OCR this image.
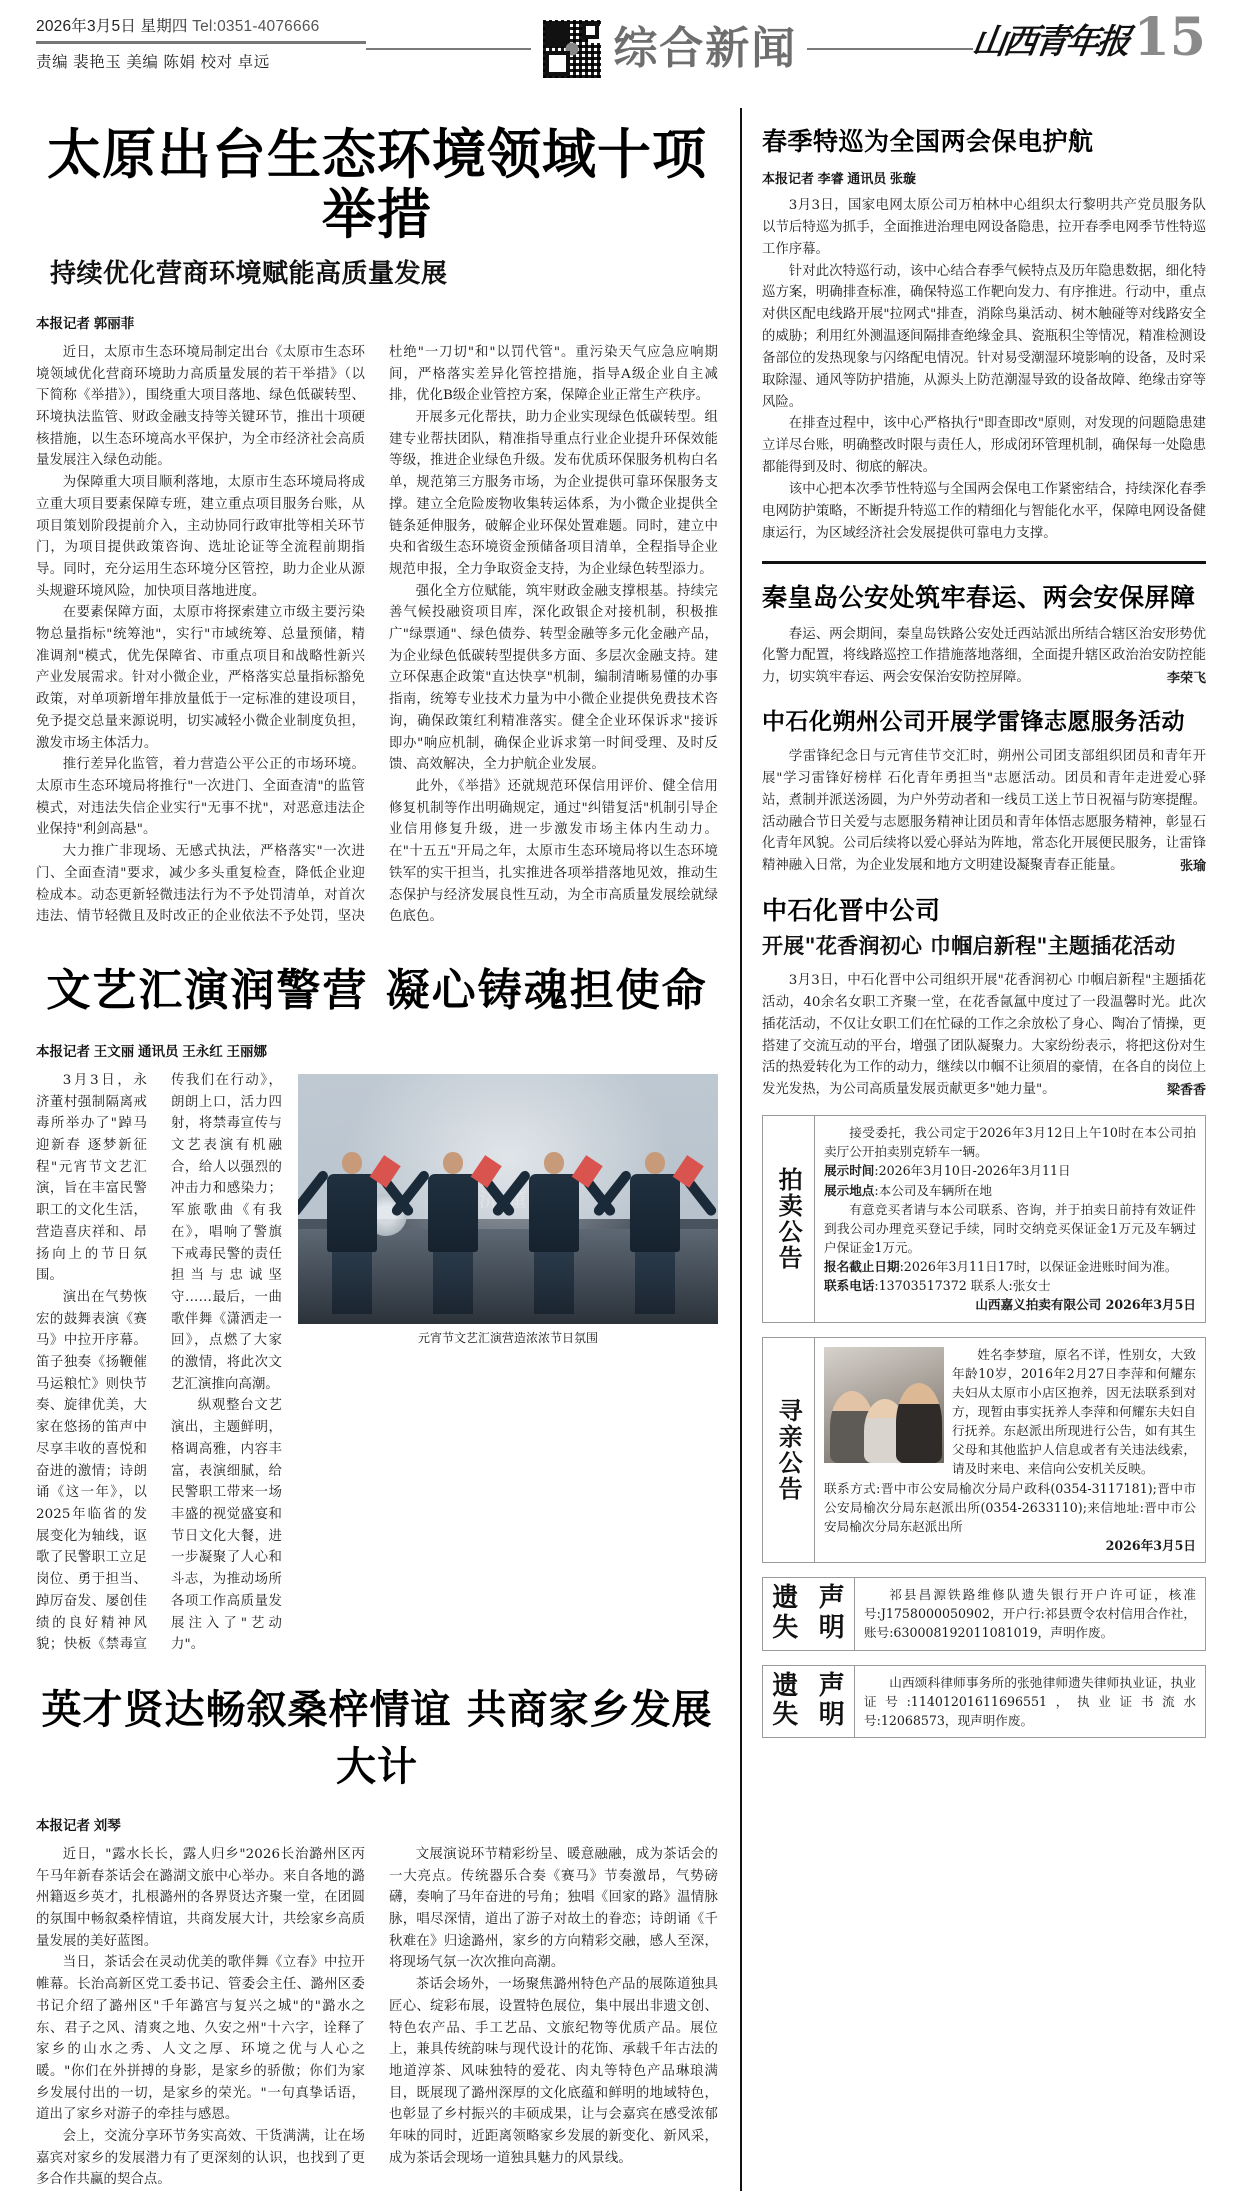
2026年3月5日 星期四 Tel:0351-4076666
责编 裴艳玉 美编 陈娟 校对 卓远	综合新闻	山西青年报 15
太原出台生态环境领域十项举措
持续优化营商环境赋能高质量发展
本报记者 郭丽菲

近日，太原市生态环境局制定出台《太原市生态环境领域优化营商环境助力高质量发展的若干举措》（以下简称《举措》），围绕重大项目落地、绿色低碳转型、环境执法监管、财政金融支持等关键环节，推出十项硬核措施，以生态环境高水平保护，为全市经济社会高质量发展注入绿色动能。

为保障重大项目顺利落地，太原市生态环境局将成立重大项目要素保障专班，建立重点项目服务台账，从项目策划阶段提前介入，主动协同行政审批等相关环节门，为项目提供政策咨询、选址论证等全流程前期指导。同时，充分运用生态环境分区管控，助力企业从源头规避环境风险，加快项目落地进度。

在要素保障方面，太原市将探索建立市级主要污染物总量指标"统筹池"，实行"市域统筹、总量预储，精准调剂"模式，优先保障省、市重点项目和战略性新兴产业发展需求。针对小微企业，严格落实总量指标豁免政策，对单项新增年排放量低于一定标准的建设项目，免予提交总量来源说明，切实减轻小微企业制度负担，激发市场主体活力。

推行差异化监管，着力营造公平公正的市场环境。太原市生态环境局将推行"一次进门、全面查清"的监管模式，对违法失信企业实行"无事不扰"，对恶意违法企业保持"利剑高悬"。

大力推广非现场、无感式执法，严格落实"一次进门、全面查清"要求，减少多头重复检查，降低企业迎检成本。动态更新轻微违法行为不予处罚清单，对首次违法、情节轻微且及时改正的企业依法不予处罚，坚决杜绝"一刀切"和"以罚代管"。重污染天气应急应响期间，严格落实差异化管控措施，指导A级企业自主减排，优化B级企业管控方案，保障企业正常生产秩序。

开展多元化帮扶，助力企业实现绿色低碳转型。组建专业帮扶团队，精准指导重点行业企业提升环保效能等级，推进企业绿色升级。发布优质环保服务机构白名单，规范第三方服务市场，为企业提供可靠环保服务支撑。建立全危险废物收集转运体系，为小微企业提供全链条延伸服务，破解企业环保处置难题。同时，建立中央和省级生态环境资金预储备项目清单，全程指导企业规范申报，全力争取资金支持，为企业绿色转型添力。

强化全方位赋能，筑牢财政金融支撑根基。持续完善气候投融资项目库，深化政银企对接机制，积极推广"绿票通"、绿色债券、转型金融等多元化金融产品，为企业绿色低碳转型提供多方面、多层次金融支持。建立环保惠企政策"直达快享"机制，编制清晰易懂的办事指南，统筹专业技术力量为中小微企业提供免费技术咨询，确保政策红利精准落实。健全企业环保诉求"接诉即办"响应机制，确保企业诉求第一时间受理、及时反馈、高效解决，全力护航企业发展。

此外，《举措》还就规范环保信用评价、健全信用修复机制等作出明确规定，通过"纠错复活"机制引导企业信用修复升级，进一步激发市场主体内生动力。在"十五五"开局之年，太原市生态环境局将以生态环境铁军的实干担当，扎实推进各项举措落地见效，推动生态保护与经济发展良性互动，为全市高质量发展绘就绿色底色。

文艺汇演润警营 凝心铸魂担使命
本报记者 王文丽 通讯员 王永红 王丽娜
元宵节文艺汇演营造浓浓节日氛围

3月3日，永济董村强制隔离戒毒所举办了"踔马迎新春 逐梦新征程"元宵节文艺汇演，旨在丰富民警职工的文化生活，营造喜庆祥和、昂扬向上的节日氛围。

演出在气势恢宏的鼓舞表演《赛马》中拉开序幕。笛子独奏《扬鞭催马运粮忙》则快节奏、旋律优美，大家在悠扬的笛声中尽享丰收的喜悦和奋进的激情；诗朗诵《这一年》，以2025年临省的发展变化为轴线，讴歌了民警职工立足岗位、勇于担当、踔厉奋发、屡创佳绩的良好精神风貌；快板《禁毒宣传我们在行动》，朗朗上口，活力四射，将禁毒宣传与文艺表演有机融合，给人以强烈的冲击力和感染力；军旅歌曲《有我在》，唱响了警旗下戒毒民警的责任担当与忠诚坚守……最后，一曲歌伴舞《潇洒走一回》，点燃了大家的激情，将此次文艺汇演推向高潮。

纵观整台文艺演出，主题鲜明，格调高雅，内容丰富，表演细腻，给民警职工带来一场丰盛的视觉盛宴和节日文化大餐，进一步凝聚了人心和斗志，为推动场所各项工作高质量发展注入了"艺动力"。

英才贤达畅叙桑梓情谊 共商家乡发展大计
本报记者 刘琴

近日，"露水长长，露人归乡"2026长治潞州区丙午马年新春茶话会在潞湖文旅中心举办。来自各地的潞州籍返乡英才，扎根潞州的各界贤达齐聚一堂，在团圆的氛围中畅叙桑梓情谊，共商发展大计，共绘家乡高质量发展的美好蓝图。

当日，茶话会在灵动优美的歌伴舞《立春》中拉开帷幕。长治高新区党工委书记、管委会主任、潞州区委书记介绍了潞州区"千年潞宫与复兴之城"的"潞水之东、君子之风、清爽之地、久安之州"十六字，诠释了家乡的山水之秀、人文之厚、环境之优与人心之暖。"你们在外拼搏的身影，是家乡的骄傲；你们为家乡发展付出的一切，是家乡的荣光。"一句真挚话语，道出了家乡对游子的牵挂与感恩。

会上，交流分享环节务实高效、干货满满，让在场嘉宾对家乡的发展潜力有了更深刻的认识，也找到了更多合作共赢的契合点。

文展演说环节精彩纷呈、暖意融融，成为茶话会的一大亮点。传统器乐合奏《赛马》节奏激昂，气势磅礴，奏响了马年奋进的号角；独唱《回家的路》温情脉脉，唱尽深情，道出了游子对故土的眷恋；诗朗诵《千秋难在》归途潞州，家乡的方向精彩交融，感人至深，将现场气氛一次次推向高潮。

茶话会场外，一场聚焦潞州特色产品的展陈道独具匠心、绽彩布展，设置特色展位，集中展出非遗文创、特色农产品、手工艺品、文旅纪物等优质产品。展位上，兼具传统韵味与现代设计的花饰、承载千年古法的地道淳茶、风味独特的爱花、肉丸等特色产品琳琅满目，既展现了潞州深厚的文化底蕴和鲜明的地域特色，也彰显了乡村振兴的丰硕成果，让与会嘉宾在感受浓郁年味的同时，近距离领略家乡发展的新变化、新风采，成为茶话会现场一道独具魅力的风景线。

春季特巡为全国两会保电护航
本报记者 李睿 通讯员 张璇

3月3日，国家电网太原公司万柏林中心组织太行黎明共产党员服务队以节后特巡为抓手，全面推进治理电网设备隐患，拉开春季电网季节性特巡工作序幕。

针对此次特巡行动，该中心结合春季气候特点及历年隐患数据，细化特巡方案，明确排查标准，确保特巡工作靶向发力、有序推进。行动中，重点对供区配电线路开展"拉网式"排查，消除鸟巢活动、树木触碰等对线路安全的威胁；利用红外测温逐间隔排查绝缘金具、瓷瓶积尘等情况，精准检测设备部位的发热现象与闪络配电情况。针对易受潮湿环境影响的设备，及时采取除湿、通风等防护措施，从源头上防范潮湿导致的设备故障、绝缘击穿等风险。

在排查过程中，该中心严格执行"即查即改"原则，对发现的问题隐患建立详尽台账，明确整改时限与责任人，形成闭环管理机制，确保每一处隐患都能得到及时、彻底的解决。

该中心把本次季节性特巡与全国两会保电工作紧密结合，持续深化春季电网防护策略，不断提升特巡工作的精细化与智能化水平，保障电网设备健康运行，为区域经济社会发展提供可靠电力支撑。

秦皇岛公安处筑牢春运、两会安保屏障

春运、两会期间，秦皇岛铁路公安处迁西站派出所结合辖区治安形势优化警力配置，将线路巡控工作措施落地落细，全面提升辖区政治治安防控能力，切实筑牢春运、两会安保治安防控屏障。	李荣飞

中石化朔州公司开展学雷锋志愿服务活动

学雷锋纪念日与元宵佳节交汇时，朔州公司团支部组织团员和青年开展"学习雷锋好榜样 石化青年勇担当"志愿活动。团员和青年走进爱心驿站，煮制并派送汤圆，为户外劳动者和一线员工送上节日祝福与防寒提醒。活动融合节日关爱与志愿服务精神让团员和青年体悟志愿服务精神，彰显石化青年风貌。公司后续将以爱心驿站为阵地，常态化开展便民服务，让雷锋精神融入日常，为企业发展和地方文明建设凝聚青春正能量。	张瑜

中石化晋中公司
开展"花香润初心 巾帼启新程"主题插花活动

3月3日，中石化晋中公司组织开展"花香润初心 巾帼启新程"主题插花活动，40余名女职工齐聚一堂，在花香氤氲中度过了一段温馨时光。此次插花活动，不仅让女职工们在忙碌的工作之余放松了身心、陶冶了情操，更搭建了交流互动的平台，增强了团队凝聚力。大家纷纷表示，将把这份对生活的热爱转化为工作的动力，继续以巾帼不让须眉的豪情，在各自的岗位上发光发热，为公司高质量发展贡献更多"她力量"。	梁香香

拍卖公告

接受委托，我公司定于2026年3月12日上午10时在本公司拍卖厅公开拍卖别克轿车一辆。

展示时间:2026年3月10日-2026年3月11日

展示地点:本公司及车辆所在地

有意竞买者请与本公司联系、咨询，并于拍卖日前持有效证件到我公司办理竞买登记手续，同时交纳竞买保证金1万元及车辆过户保证金1万元。

报名截止日期:2026年3月11日17时，以保证金进账时间为准。

联系电话:13703517372 联系人:张女士

山西嘉义拍卖有限公司 2026年3月5日

寻亲公告

姓名李梦瑄，原名不详，性别女，大致年龄10岁，2016年2月27日李萍和何耀东夫妇从太原市小店区抱养，因无法联系到对方，现暂由事实抚养人李萍和何耀东夫妇自行抚养。东赵派出所现进行公告，如有其生父母和其他监护人信息或者有关违法线索，请及时来电、来信向公安机关反映。

联系方式:晋中市公安局榆次分局户政科(0354-3117181);晋中市公安局榆次分局东赵派出所(0354-2633110);来信地址:晋中市公安局榆次分局东赵派出所

2026年3月5日

遗 声
失 明

祁县昌源铁路维修队遗失银行开户许可证，核准号:J1758000050902，开户行:祁县贾令农村信用合作社，账号:630008192011081019，声明作废。

遗 声
失 明

山西颂科律师事务所的张弛律师遗失律师执业证，执业证号:11401201611696551，执业证书流水号:12068573，现声明作废。
